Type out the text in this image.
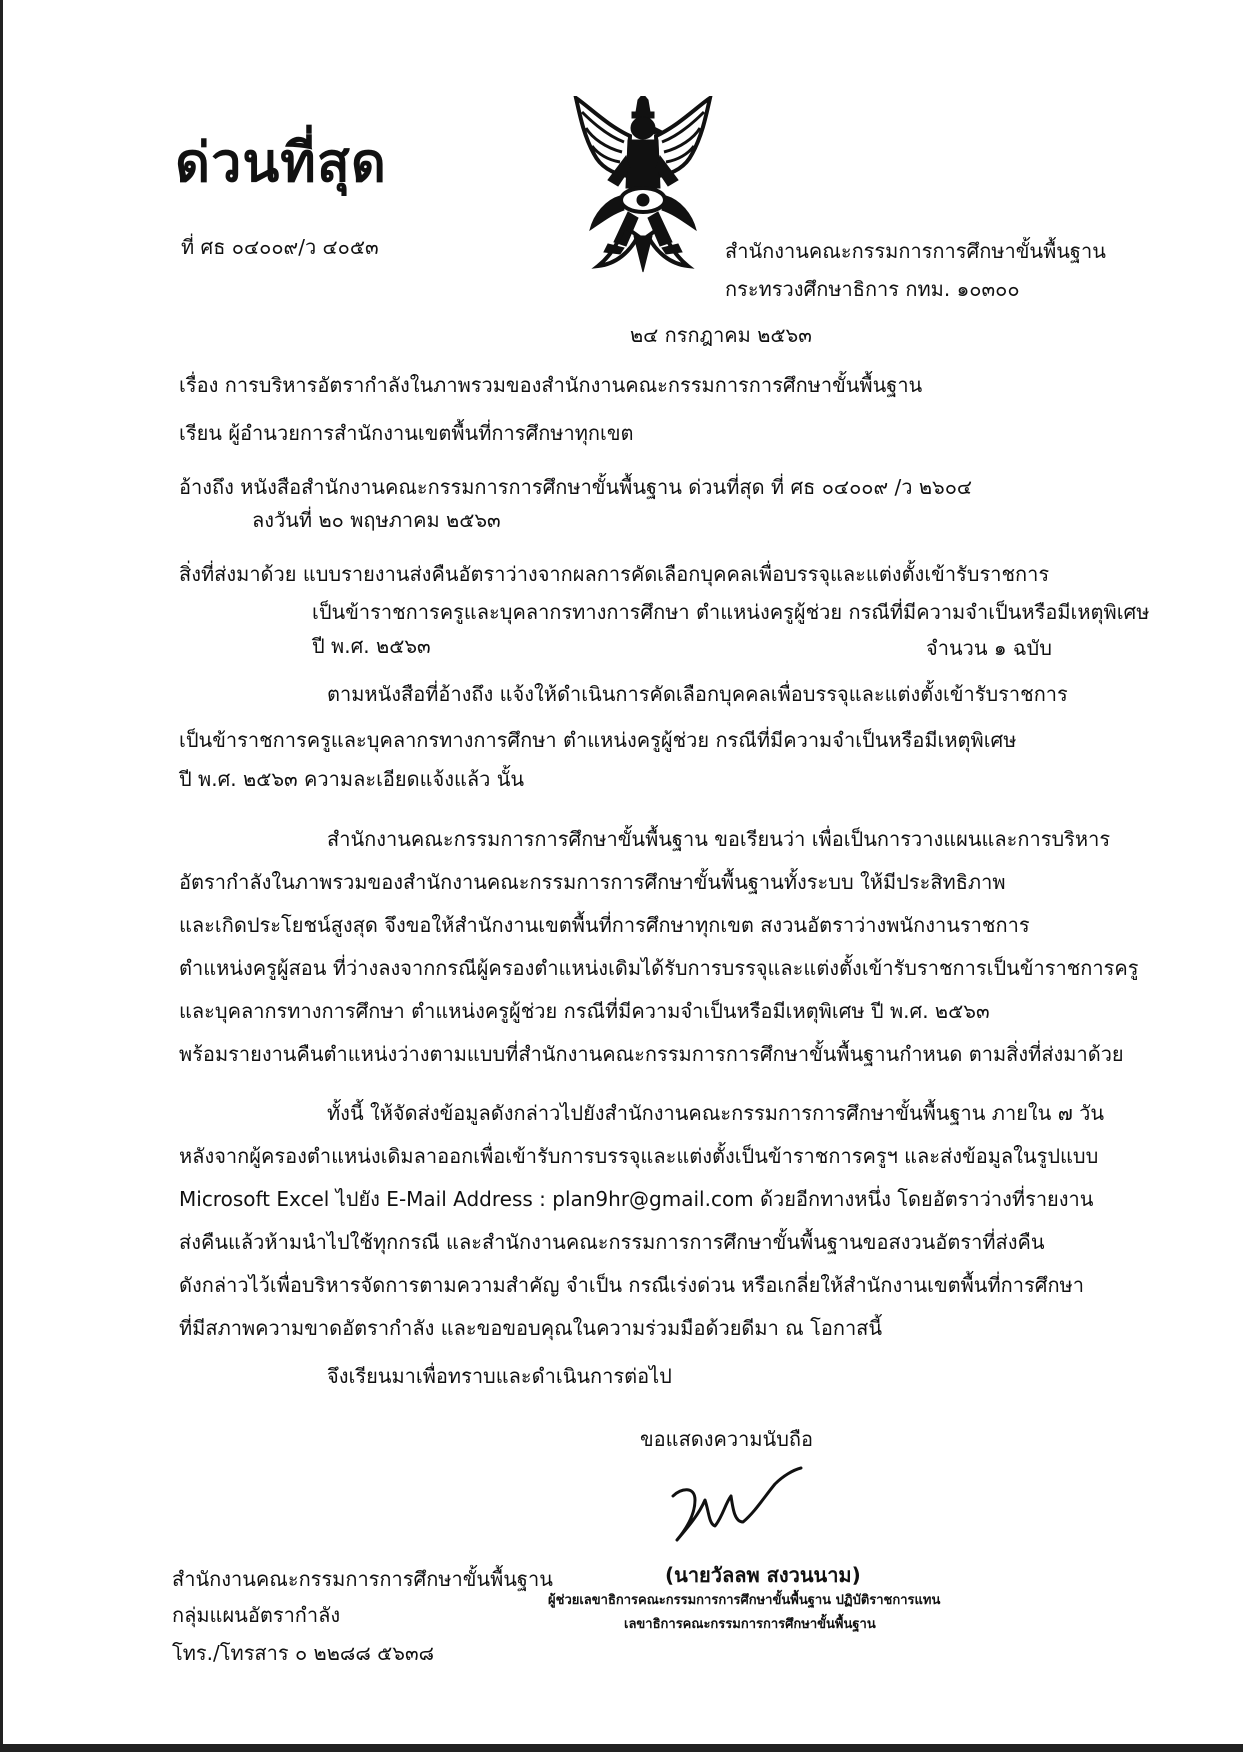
ด่วนที่สุด
ที่ ศธ ๐๔๐๐๙/ว ๔๐๕๓	สำนักงานคณะกรรมการการศึกษาขั้นพื้นฐาน
กระทรวงศึกษาธิการ กทม. ๑๐๓๐๐
๒๔ กรกฎาคม ๒๕๖๓
เรื่อง การบริหารอัตรากำลังในภาพรวมของสำนักงานคณะกรรมการการศึกษาขั้นพื้นฐาน
เรียน ผู้อำนวยการสำนักงานเขตพื้นที่การศึกษาทุกเขต
อ้างถึง หนังสือสำนักงานคณะกรรมการการศึกษาขั้นพื้นฐาน ด่วนที่สุด ที่ ศธ ๐๔๐๐๙ /ว ๒๖๐๔
ลงวันที่ ๒๐ พฤษภาคม ๒๕๖๓
สิ่งที่ส่งมาด้วย แบบรายงานส่งคืนอัตราว่างจากผลการคัดเลือกบุคคลเพื่อบรรจุและแต่งตั้งเข้ารับราชการ
เป็นข้าราชการครูและบุคลากรทางการศึกษา ตำแหน่งครูผู้ช่วย กรณีที่มีความจำเป็นหรือมีเหตุพิเศษ
ปี พ.ศ. ๒๕๖๓	จำนวน ๑ ฉบับ
ตามหนังสือที่อ้างถึง แจ้งให้ดำเนินการคัดเลือกบุคคลเพื่อบรรจุและแต่งตั้งเข้ารับราชการ
เป็นข้าราชการครูและบุคลากรทางการศึกษา ตำแหน่งครูผู้ช่วย กรณีที่มีความจำเป็นหรือมีเหตุพิเศษ
ปี พ.ศ. ๒๕๖๓ ความละเอียดแจ้งแล้ว นั้น
สำนักงานคณะกรรมการการศึกษาขั้นพื้นฐาน ขอเรียนว่า เพื่อเป็นการวางแผนและการบริหาร
อัตรากำลังในภาพรวมของสำนักงานคณะกรรมการการศึกษาขั้นพื้นฐานทั้งระบบ ให้มีประสิทธิภาพ
และเกิดประโยชน์สูงสุด จึงขอให้สำนักงานเขตพื้นที่การศึกษาทุกเขต สงวนอัตราว่างพนักงานราชการ
ตำแหน่งครูผู้สอน ที่ว่างลงจากกรณีผู้ครองตำแหน่งเดิมได้รับการบรรจุและแต่งตั้งเข้ารับราชการเป็นข้าราชการครู
และบุคลากรทางการศึกษา ตำแหน่งครูผู้ช่วย กรณีที่มีความจำเป็นหรือมีเหตุพิเศษ ปี พ.ศ. ๒๕๖๓
พร้อมรายงานคืนตำแหน่งว่างตามแบบที่สำนักงานคณะกรรมการการศึกษาขั้นพื้นฐานกำหนด ตามสิ่งที่ส่งมาด้วย
ทั้งนี้ ให้จัดส่งข้อมูลดังกล่าวไปยังสำนักงานคณะกรรมการการศึกษาขั้นพื้นฐาน ภายใน ๗ วัน
หลังจากผู้ครองตำแหน่งเดิมลาออกเพื่อเข้ารับการบรรจุและแต่งตั้งเป็นข้าราชการครูฯ และส่งข้อมูลในรูปแบบ
Microsoft Excel ไปยัง E-Mail Address : plan9hr@gmail.com ด้วยอีกทางหนึ่ง โดยอัตราว่างที่รายงาน
ส่งคืนแล้วห้ามนำไปใช้ทุกกรณี และสำนักงานคณะกรรมการการศึกษาขั้นพื้นฐานขอสงวนอัตราที่ส่งคืน
ดังกล่าวไว้เพื่อบริหารจัดการตามความสำคัญ จำเป็น กรณีเร่งด่วน หรือเกลี่ยให้สำนักงานเขตพื้นที่การศึกษา
ที่มีสภาพความขาดอัตรากำลัง และขอขอบคุณในความร่วมมือด้วยดีมา ณ โอกาสนี้
จึงเรียนมาเพื่อทราบและดำเนินการต่อไป
ขอแสดงความนับถือ
(นายวัลลพ สงวนนาม)
ผู้ช่วยเลขาธิการคณะกรรมการการศึกษาขั้นพื้นฐาน ปฏิบัติราชการแทน
เลขาธิการคณะกรรมการการศึกษาขั้นพื้นฐาน
สำนักงานคณะกรรมการการศึกษาขั้นพื้นฐาน
กลุ่มแผนอัตรากำลัง
โทร./โทรสาร ๐ ๒๒๘๘ ๕๖๓๘
